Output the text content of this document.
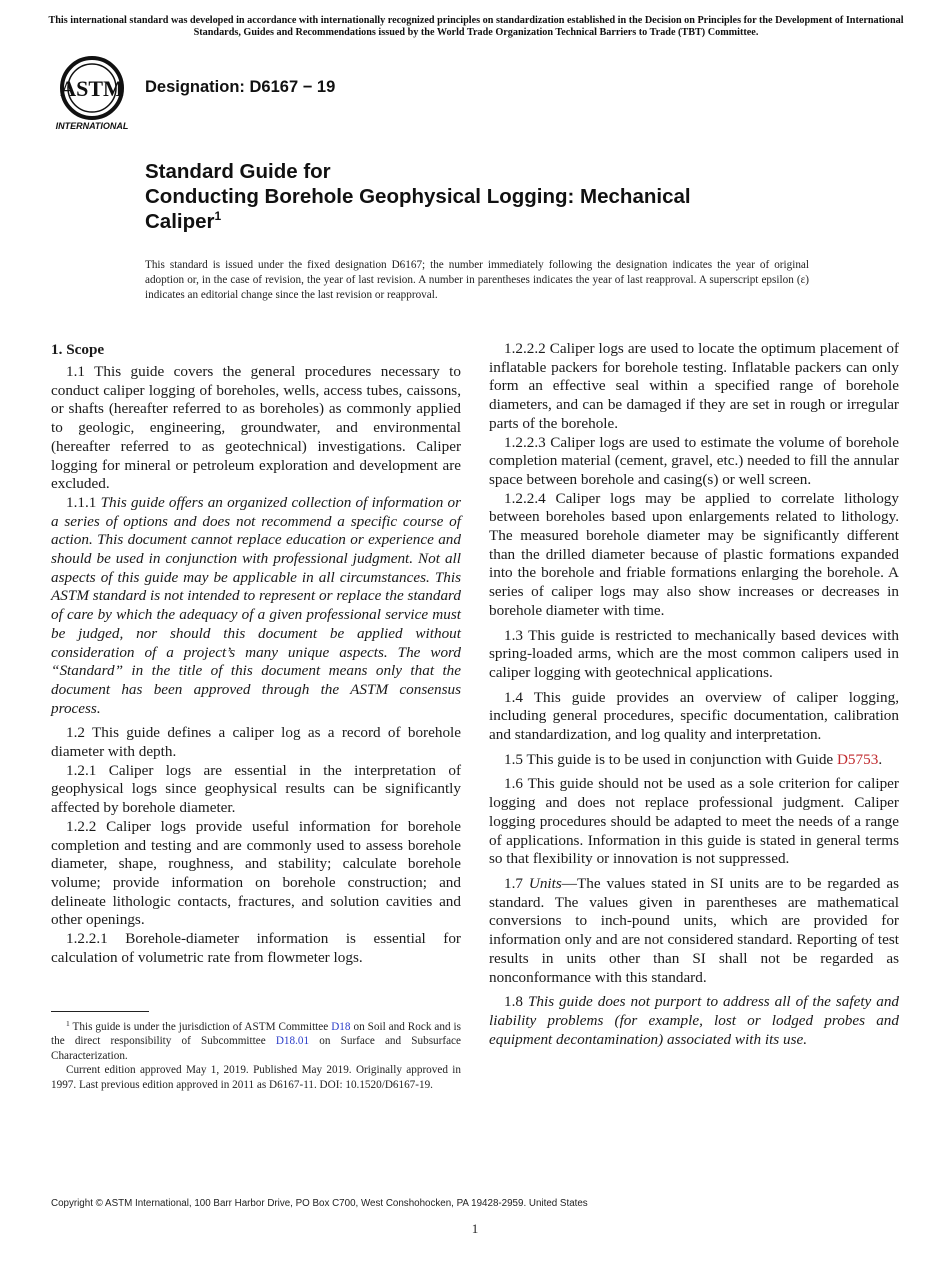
This international standard was developed in accordance with internationally recognized principles on standardization established in the Decision on Principles for the Development of International Standards, Guides and Recommendations issued by the World Trade Organization Technical Barriers to Trade (TBT) Committee.
ASTM
INTERNATIONAL
Designation: D6167 − 19
Standard Guide for
Conducting Borehole Geophysical Logging: Mechanical
Caliper$^1$
This standard is issued under the fixed designation D6167; the number immediately following the designation indicates the year of original adoption or, in the case of revision, the year of last revision. A number in parentheses indicates the year of last reapproval. A superscript epsilon (ε) indicates an editorial change since the last revision or reapproval.
1. Scope

1.1 This guide covers the general procedures necessary to conduct caliper logging of boreholes, wells, access tubes, caissons, or shafts (hereafter referred to as boreholes) as commonly applied to geologic, engineering, groundwater, and environmental (hereafter referred to as geotechnical) investigations. Caliper logging for mineral or petroleum exploration and development are excluded.

1.1.1 This guide offers an organized collection of information or a series of options and does not recommend a specific course of action. This document cannot replace education or experience and should be used in conjunction with professional judgment. Not all aspects of this guide may be applicable in all circumstances. This ASTM standard is not intended to represent or replace the standard of care by which the adequacy of a given professional service must be judged, nor should this document be applied without consideration of a project’s many unique aspects. The word “Standard” in the title of this document means only that the document has been approved through the ASTM consensus process.

1.2 This guide defines a caliper log as a record of borehole diameter with depth.

1.2.1 Caliper logs are essential in the interpretation of geophysical logs since geophysical results can be significantly affected by borehole diameter.

1.2.2 Caliper logs provide useful information for borehole completion and testing and are commonly used to assess borehole diameter, shape, roughness, and stability; calculate borehole volume; provide information on borehole construction; and delineate lithologic contacts, fractures, and solution cavities and other openings.

1.2.2.1 Borehole-diameter information is essential for calculation of volumetric rate from flowmeter logs.

1.2.2.2 Caliper logs are used to locate the optimum placement of inflatable packers for borehole testing. Inflatable packers can only form an effective seal within a specified range of borehole diameters, and can be damaged if they are set in rough or irregular parts of the borehole.

1.2.2.3 Caliper logs are used to estimate the volume of borehole completion material (cement, gravel, etc.) needed to fill the annular space between borehole and casing(s) or well screen.

1.2.2.4 Caliper logs may be applied to correlate lithology between boreholes based upon enlargements related to lithology. The measured borehole diameter may be significantly different than the drilled diameter because of plastic formations expanded into the borehole and friable formations enlarging the borehole. A series of caliper logs may also show increases or decreases in borehole diameter with time.

1.3 This guide is restricted to mechanically based devices with spring-loaded arms, which are the most common calipers used in caliper logging with geotechnical applications.

1.4 This guide provides an overview of caliper logging, including general procedures, specific documentation, calibration and standardization, and log quality and interpretation.

1.5 This guide is to be used in conjunction with Guide D5753.

1.6 This guide should not be used as a sole criterion for caliper logging and does not replace professional judgment. Caliper logging procedures should be adapted to meet the needs of a range of applications. Information in this guide is stated in general terms so that flexibility or innovation is not suppressed.

1.7 Units—The values stated in SI units are to be regarded as standard. The values given in parentheses are mathematical conversions to inch-pound units, which are provided for information only and are not considered standard. Reporting of test results in units other than SI shall not be regarded as nonconformance with this standard.

1.8 This guide does not purport to address all of the safety and liability problems (for example, lost or lodged probes and equipment decontamination) associated with its use.

$^1$ This guide is under the jurisdiction of ASTM Committee D18 on Soil and Rock and is the direct responsibility of Subcommittee D18.01 on Surface and Subsurface Characterization.

Current edition approved May 1, 2019. Published May 2019. Originally approved in 1997. Last previous edition approved in 2011 as D6167-11. DOI: 10.1520/D6167-19.

Copyright © ASTM International, 100 Barr Harbor Drive, PO Box C700, West Conshohocken, PA 19428-2959. United States
1
